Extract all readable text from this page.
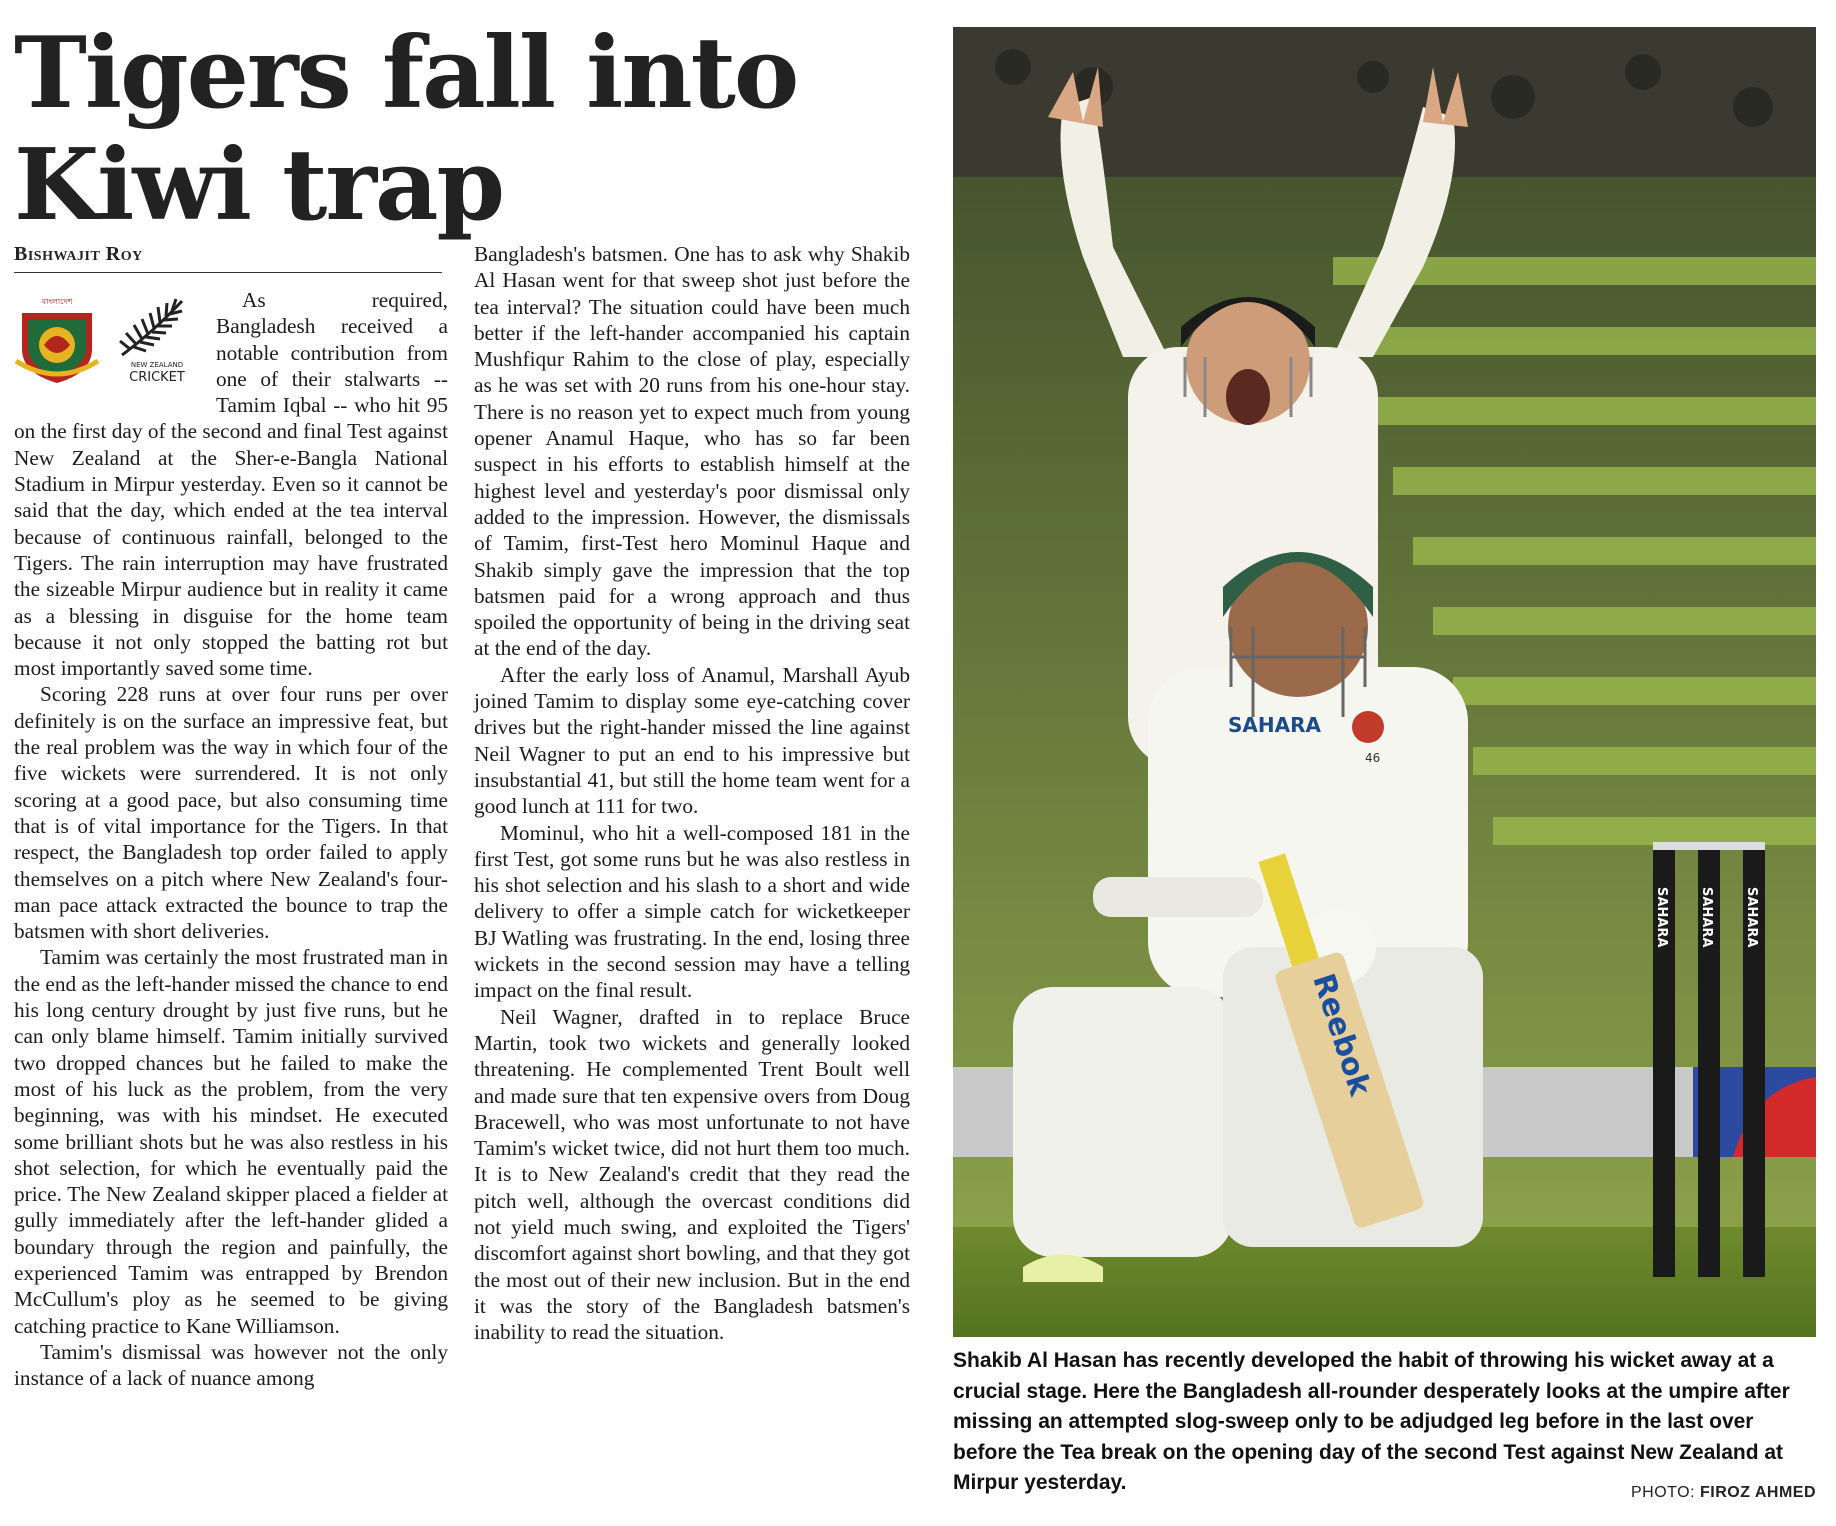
Tigers fall into
Kiwi trap
Bishwajit Roy
বাংলাদেশ
NEW ZEALAND
CRICKET

As required, Bangladesh received a notable contribution from one of their stalwarts -- Tamim Iqbal -- who hit 95 on the first day of the second and final Test against New Zealand at the Sher-e-Bangla National Stadium in Mirpur yesterday. Even so it cannot be said that the day, which ended at the tea interval because of continuous rainfall, belonged to the Tigers. The rain interruption may have frustrated the sizeable Mirpur audience but in reality it came as a blessing in disguise for the home team because it not only stopped the batting rot but most importantly saved some time.

Scoring 228 runs at over four runs per over definitely is on the surface an impressive feat, but the real problem was the way in which four of the five wickets were surrendered. It is not only scoring at a good pace, but also consuming time that is of vital importance for the Tigers. In that respect, the Bangladesh top order failed to apply themselves on a pitch where New Zealand's four-man pace attack extracted the bounce to trap the batsmen with short deliveries.

Tamim was certainly the most frustrated man in the end as the left-hander missed the chance to end his long century drought by just five runs, but he can only blame himself. Tamim initially survived two dropped chances but he failed to make the most of his luck as the problem, from the very beginning, was with his mindset. He executed some brilliant shots but he was also restless in his shot selection, for which he eventually paid the price. The New Zealand skipper placed a fielder at gully immediately after the left-hander glided a boundary through the region and painfully, the experienced Tamim was entrapped by Brendon McCullum's ploy as he seemed to be giving catching practice to Kane Williamson.

Tamim's dismissal was however not the only instance of a lack of nuance among

Bangladesh's batsmen. One has to ask why Shakib Al Hasan went for that sweep shot just before the tea interval? The situation could have been much better if the left-hander accompanied his captain Mushfiqur Rahim to the close of play, especially as he was set with 20 runs from his one-hour stay. There is no reason yet to expect much from young opener Anamul Haque, who has so far been suspect in his efforts to establish himself at the highest level and yesterday's poor dismissal only added to the impression. However, the dismissals of Tamim, first-Test hero Mominul Haque and Shakib simply gave the impression that the top batsmen paid for a wrong approach and thus spoiled the opportunity of being in the driving seat at the end of the day.

After the early loss of Anamul, Marshall Ayub joined Tamim to display some eye-catching cover drives but the right-hander missed the line against Neil Wagner to put an end to his impressive but insubstantial 41, but still the home team went for a good lunch at 111 for two.

Mominul, who hit a well-composed 181 in the first Test, got some runs but he was also restless in his shot selection and his slash to a short and wide delivery to offer a simple catch for wicketkeeper BJ Watling was frustrating. In the end, losing three wickets in the second session may have a telling impact on the final result.

Neil Wagner, drafted in to replace Bruce Martin, took two wickets and generally looked threatening. He complemented Trent Boult well and made sure that ten expensive overs from Doug Bracewell, who was most unfortunate to not have Tamim's wicket twice, did not hurt them too much. It is to New Zealand's credit that they read the pitch well, although the overcast conditions did not yield much swing, and exploited the Tigers' discomfort against short bowling, and that they got the most out of their new inclusion. But in the end it was the story of the Bangladesh batsmen's inability to read the situation.

Reebok
SAHARA
46
SAHARA SAHARA SAHARA

Shakib Al Hasan has recently developed the habit of throwing his wicket away at a crucial stage. Here the Bangladesh all-rounder desperately looks at the umpire after missing an attempted slog-sweep only to be adjudged leg before in the last over before the Tea break on the opening day of the second Test against New Zealand at Mirpur yesterday.	PHOTO: FIROZ AHMED
